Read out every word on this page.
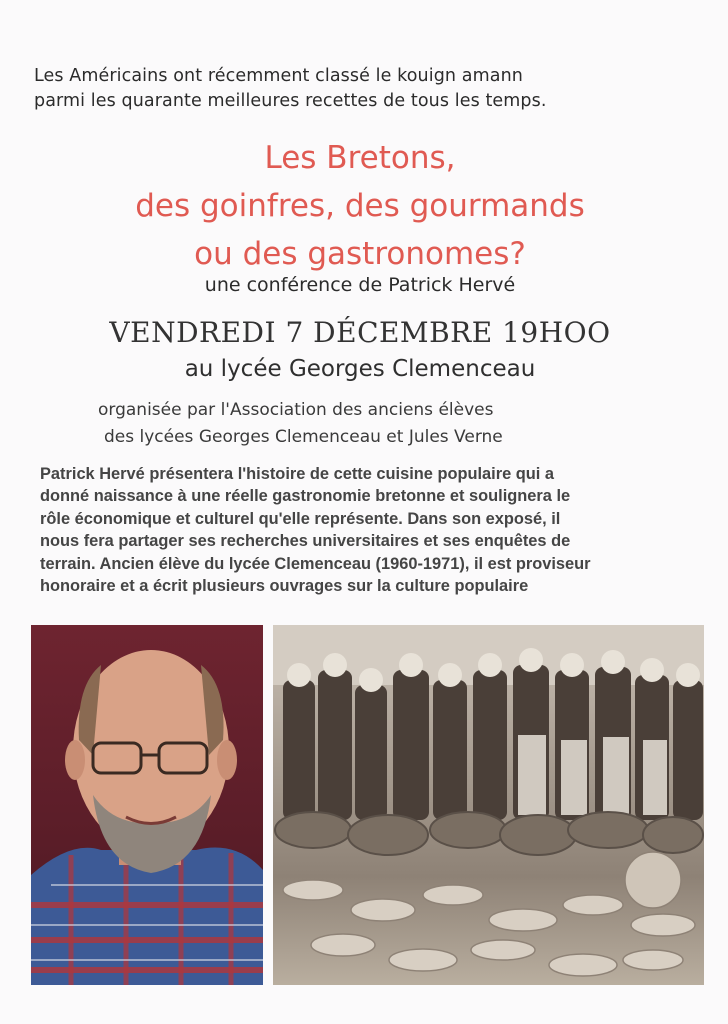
Les Américains ont récemment classé le kouign amann
parmi les quarante meilleures recettes de tous les temps.
Les Bretons,
des goinfres, des gourmands
ou des gastronomes?
une conférence de Patrick Hervé
VENDREDI 7 DÉCEMBRE 19HOO
au lycée Georges Clemenceau
organisée par l'Association des anciens élèves
des lycées Georges Clemenceau et Jules Verne
Patrick Hervé présentera l'histoire de cette cuisine populaire qui a
donné naissance à une réelle gastronomie bretonne et soulignera le
rôle économique et culturel qu'elle représente. Dans son exposé, il
nous fera partager ses recherches universitaires et ses enquêtes de
terrain. Ancien élève du lycée Clemenceau (1960-1971), il est proviseur
honoraire et a écrit plusieurs ouvrages sur la culture populaire
